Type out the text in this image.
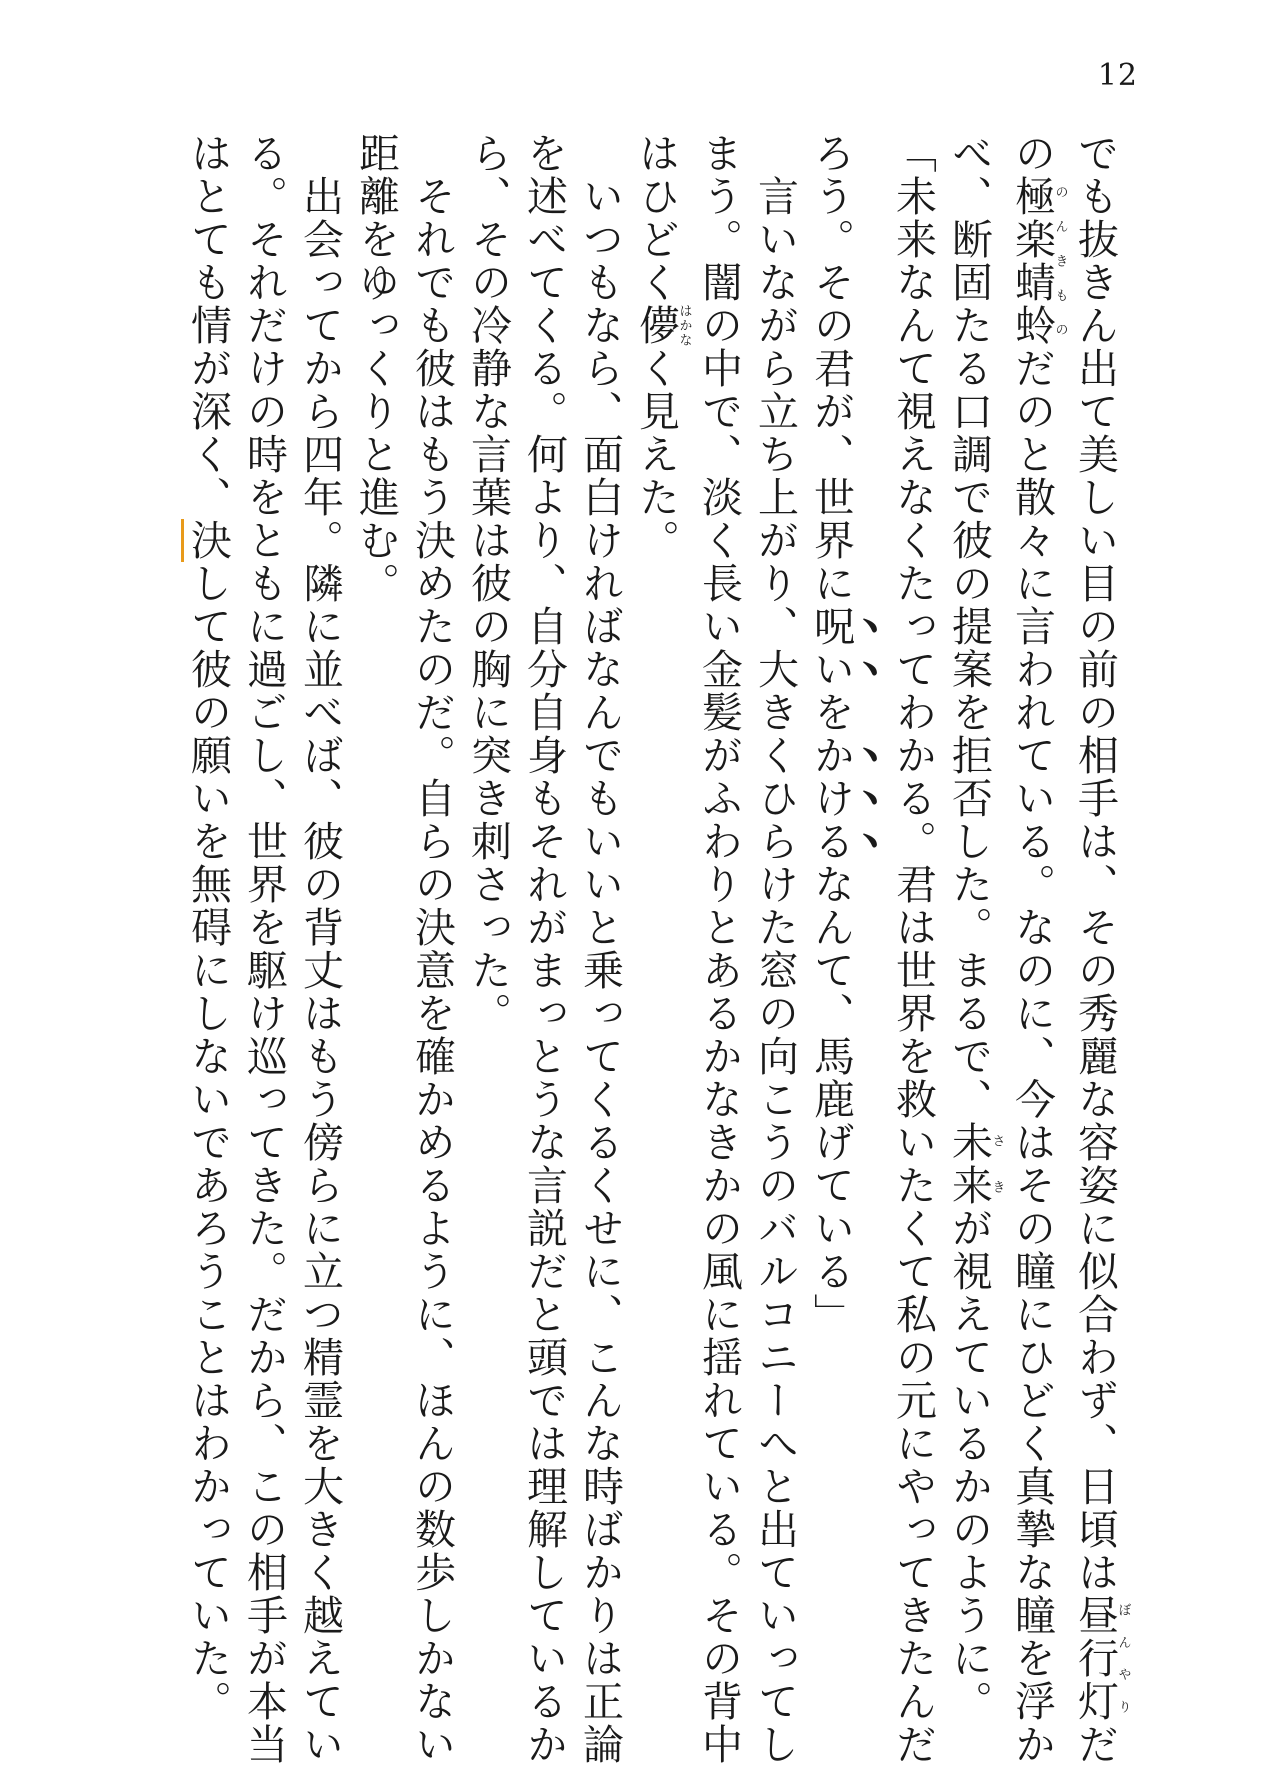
12
でも抜きん出て美しい目の前の相手は、その秀麗な容姿に似合わず、日頃は昼行灯ぼんやりだ
の極楽蜻蛉のんきものだのと散々に言われている。なのに、今はその瞳にひどく真摯な瞳を浮か
べ、断固たる口調で彼の提案を拒否した。まるで、未来さきが視えているかのように。
「未来なんて視えなくたってわかる。君は世界を救いたくて私の元にやってきたんだ
ろう。その君が、世界に呪いをかけるなんて、馬鹿げている」
　言いながら立ち上がり、大きくひらけた窓の向こうのバルコニーへと出ていってし
まう。闇の中で、淡く長い金髪がふわりとあるかなきかの風に揺れている。その背中
はひどく儚はかなく見えた。
　いつもなら、面白ければなんでもいいと乗ってくるくせに、こんな時ばかりは正論
を述べてくる。何より、自分自身もそれがまっとうな言説だと頭では理解しているか
ら、その冷静な言葉は彼の胸に突き刺さった。
　それでも彼はもう決めたのだ。自らの決意を確かめるように、ほんの数歩しかない
距離をゆっくりと進む。
　出会ってから四年。隣に並べば、彼の背丈はもう傍らに立つ精霊を大きく越えてい
る。それだけの時をともに過ごし、世界を駆け巡ってきた。だから、この相手が本当
はとても情が深く、決して彼の願いを無碍にしないであろうことはわかっていた。
